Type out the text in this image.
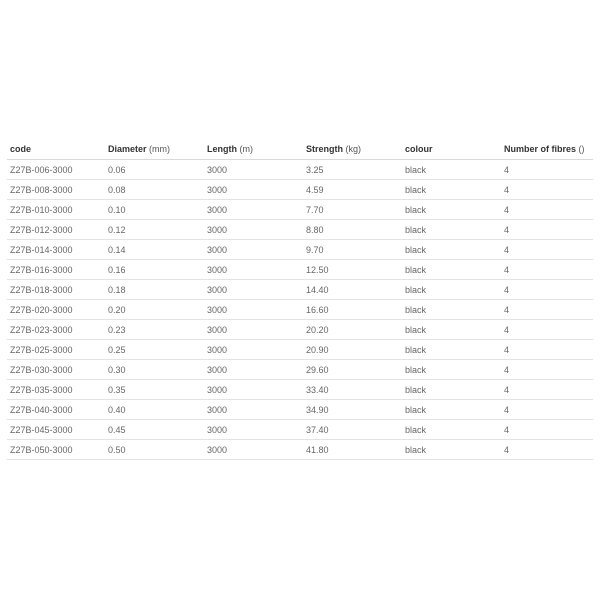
code	Diameter (mm)	Length (m)	Strength (kg)	colour	Number of fibres ()
Z27B-006-3000	0.06	3000	3.25	black	4
Z27B-008-3000	0.08	3000	4.59	black	4
Z27B-010-3000	0.10	3000	7.70	black	4
Z27B-012-3000	0.12	3000	8.80	black	4
Z27B-014-3000	0.14	3000	9.70	black	4
Z27B-016-3000	0.16	3000	12.50	black	4
Z27B-018-3000	0.18	3000	14.40	black	4
Z27B-020-3000	0.20	3000	16.60	black	4
Z27B-023-3000	0.23	3000	20.20	black	4
Z27B-025-3000	0.25	3000	20.90	black	4
Z27B-030-3000	0.30	3000	29.60	black	4
Z27B-035-3000	0.35	3000	33.40	black	4
Z27B-040-3000	0.40	3000	34.90	black	4
Z27B-045-3000	0.45	3000	37.40	black	4
Z27B-050-3000	0.50	3000	41.80	black	4
